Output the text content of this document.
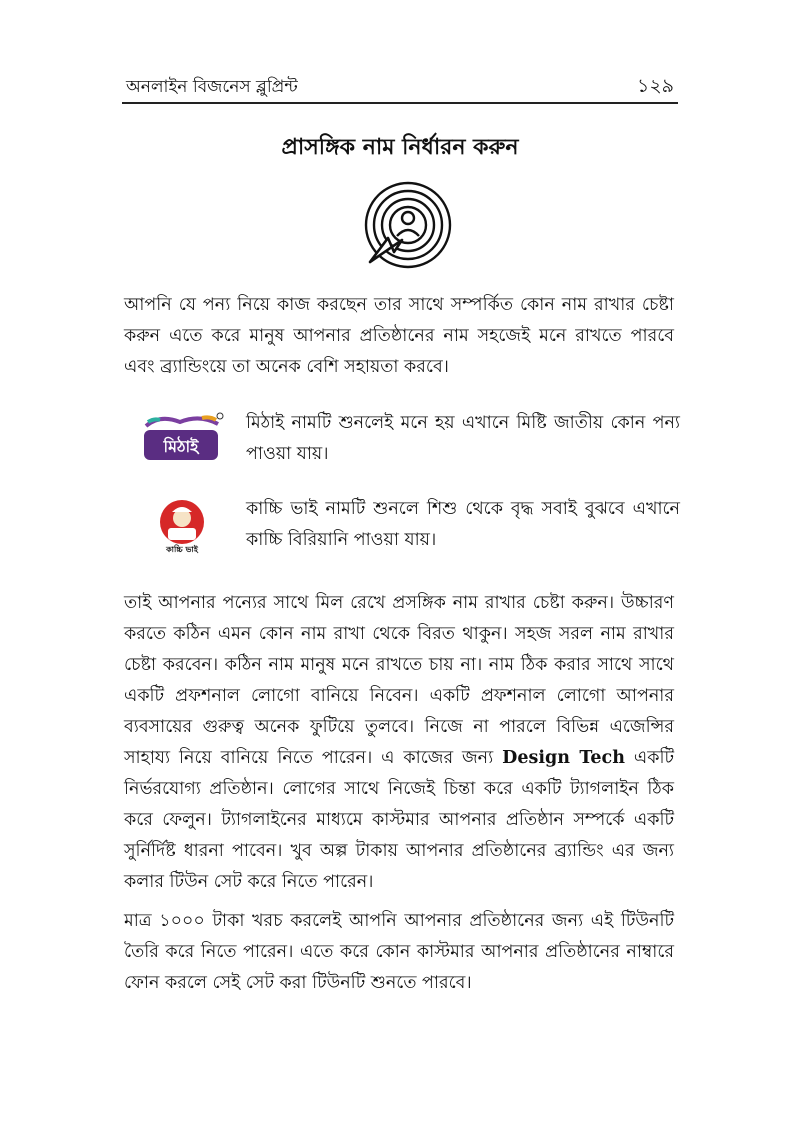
অনলাইন বিজনেস ব্লুপ্রিন্ট	১২৯
প্রাসঙ্গিক নাম নির্ধারন করুন

আপনি যে পন্য নিয়ে কাজ করছেন তার সাথে সম্পর্কিত কোন নাম রাখার চেষ্টা করুন এতে করে মানুষ আপনার প্রতিষ্ঠানের নাম সহজেই মনে রাখতে পারবে এবং ব্র্যান্ডিংয়ে তা অনেক বেশি সহায়তা করবে।

মিঠাই

মিঠাই নামটি শুনলেই মনে হয় এখানে মিষ্টি জাতীয় কোন পন্য পাওয়া যায়।

কাচ্চি ভাই

কাচ্চি ভাই নামটি শুনলে শিশু থেকে বৃদ্ধ সবাই বুঝবে এখানে কাচ্চি বিরিয়ানি পাওয়া যায়।

তাই আপনার পন্যের সাথে মিল রেখে প্রসঙ্গিক নাম রাখার চেষ্টা করুন। উচ্চারণ করতে কঠিন এমন কোন নাম রাখা থেকে বিরত থাকুন। সহজ সরল নাম রাখার চেষ্টা করবেন। কঠিন নাম মানুষ মনে রাখতে চায় না। নাম ঠিক করার সাথে সাথে একটি প্রফশনাল লোগো বানিয়ে নিবেন। একটি প্রফশনাল লোগো আপনার ব্যবসায়ের গুরুত্ব অনেক ফুটিয়ে তুলবে। নিজে না পারলে বিভিন্ন এজেন্সির সাহায্য নিয়ে বানিয়ে নিতে পারেন। এ কাজের জন্য Design Tech একটি নির্ভরযোগ্য প্রতিষ্ঠান। লোগের সাথে নিজেই চিন্তা করে একটি ট্যাগলাইন ঠিক করে ফেলুন। ট্যাগলাইনের মাধ্যমে কাস্টমার আপনার প্রতিষ্ঠান সম্পর্কে একটি সুর্নির্দিষ্ট ধারনা পাবেন। খুব অল্প টাকায় আপনার প্রতিষ্ঠানের ব্র্যান্ডিং এর জন্য কলার টিউন সেট করে নিতে পারেন।

মাত্র ১০০০ টাকা খরচ করলেই আপনি আপনার প্রতিষ্ঠানের জন্য এই টিউনটি তৈরি করে নিতে পারেন। এতে করে কোন কাস্টমার আপনার প্রতিষ্ঠানের নাম্বারে ফোন করলে সেই সেট করা টিউনটি শুনতে পারবে।
